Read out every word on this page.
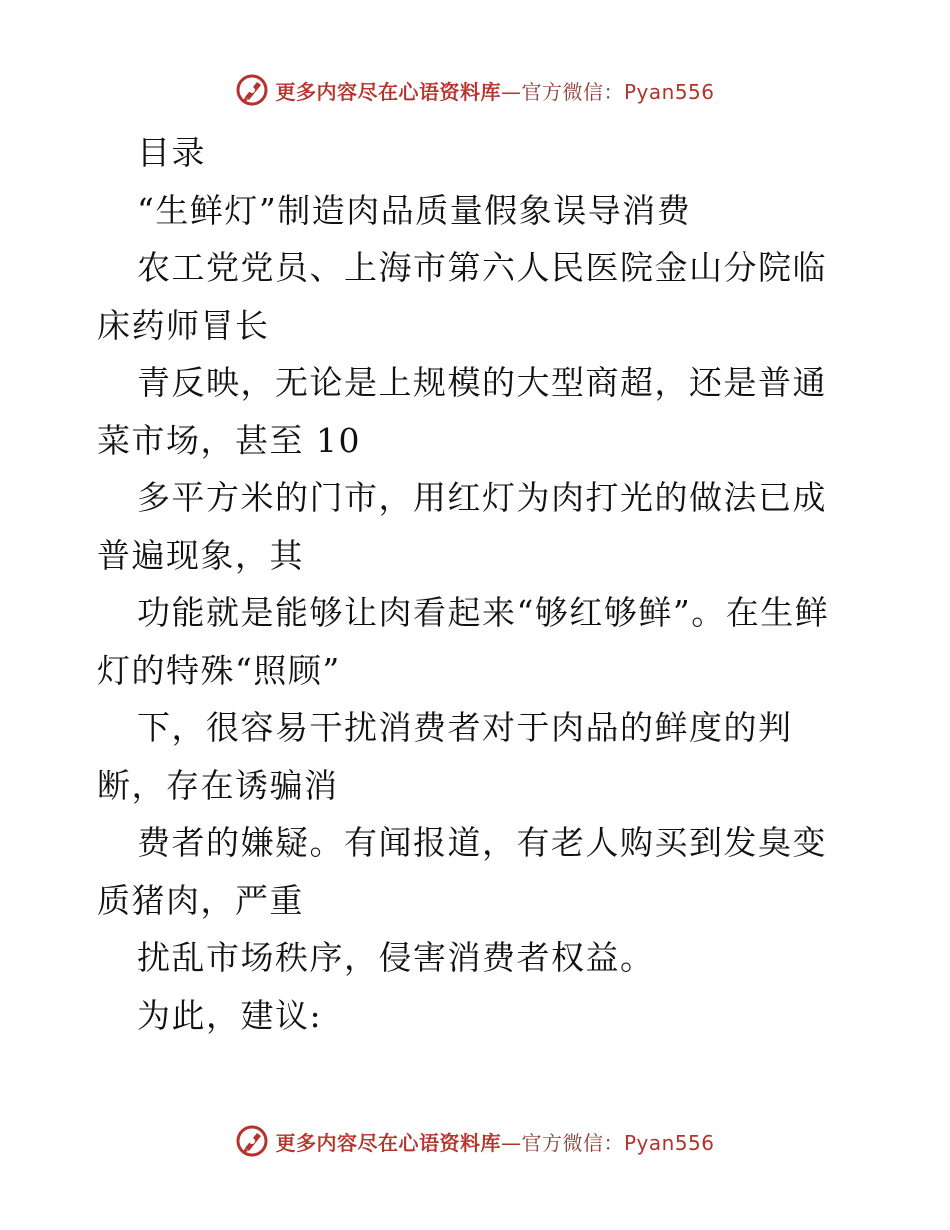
更多内容尽在心语资料库—官方微信：Pyan556

目录

“生鲜灯”制造肉品质量假象误导消费

农工党党员、上海市第六人民医院金山分院临床药师冒长

青反映，无论是上规模的大型商超，还是普通菜市场，甚至 10

多平方米的门市，用红灯为肉打光的做法已成普遍现象，其

功能就是能够让肉看起来“够红够鲜”。在生鲜灯的特殊“照顾”

下，很容易干扰消费者对于肉品的鲜度的判断，存在诱骗消

费者的嫌疑。有闻报道，有老人购买到发臭变质猪肉，严重

扰乱市场秩序，侵害消费者权益。

为此，建议:

更多内容尽在心语资料库—官方微信：Pyan556
